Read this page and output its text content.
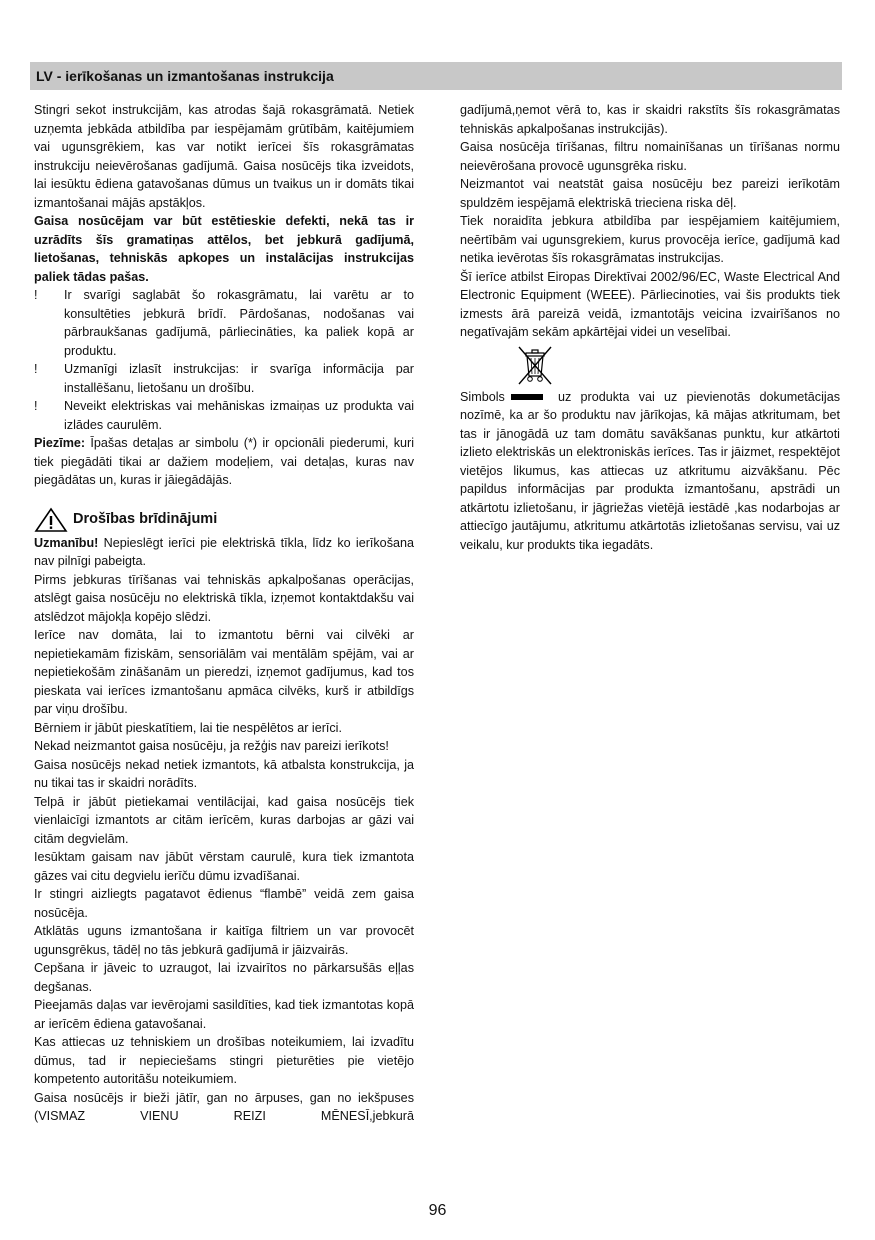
LV - ierīkošanas un izmantošanas instrukcija

Stingri sekot instrukcijām, kas atrodas šajā rokasgrāmatā. Netiek uzņemta jebkāda atbildība par iespējamām grūtībām, kaitējumiem vai ugunsgrēkiem, kas var notikt ierīcei šīs rokasgrāmatas instrukciju neievērošanas gadījumā. Gaisa nosūcējs tika izveidots, lai iesūktu ēdiena gatavošanas dūmus un tvaikus un ir domāts tikai izmantošanai mājās apstākļos.

Gaisa nosūcējam var būt estētieskie defekti, nekā tas ir uzrādīts šīs gramatiņas attēlos, bet jebkurā gadījumā, lietošanas, tehniskās apkopes un instalācijas instrukcijas paliek tādas pašas.

!	Ir svarīgi saglabāt šo rokasgrāmatu, lai varētu ar to konsultēties jebkurā brīdī. Pārdošanas, nodošanas vai pārbraukšanas gadījumā, pārliecināties, ka paliek kopā ar produktu.
!	Uzmanīgi izlasīt instrukcijas: ir svarīga informācija par installēšanu, lietošanu un drošību.
!	Neveikt elektriskas vai mehāniskas izmaiņas uz produkta vai izlādes caurulēm.

Piezīme: Īpašas detaļas ar simbolu (*) ir opcionāli piederumi, kuri tiek piegādāti tikai ar dažiem modeļiem, vai detaļas, kuras nav piegādātas un, kuras ir jāiegādājās.

Drošības brīdinājumi

Uzmanību! Nepieslēgt ierīci pie elektriskā tīkla, līdz ko ierīkošana nav pilnīgi pabeigta.

Pirms jebkuras tīrīšanas vai tehniskās apkalpošanas operācijas, atslēgt gaisa nosūcēju no elektriskā tīkla, izņemot kontaktdakšu vai atslēdzot mājokļa kopējo slēdzi.

Ierīce nav domāta, lai to izmantotu bērni vai cilvēki ar nepietiekamām fiziskām, sensoriālām vai mentālām spējām, vai ar nepietiekošām zināšanām un pieredzi, izņemot gadījumus, kad tos pieskata vai ierīces izmantošanu apmāca cilvēks, kurš ir atbildīgs par viņu drošību.

Bērniem ir jābūt pieskatītiem, lai tie nespēlētos ar ierīci.

Nekad neizmantot gaisa nosūcēju, ja režģis nav pareizi ierīkots!

Gaisa nosūcējs nekad netiek izmantots, kā atbalsta konstrukcija, ja nu tikai tas ir skaidri norādīts.

Telpā ir jābūt pietiekamai ventilācijai, kad gaisa nosūcējs tiek vienlaicīgi izmantots ar citām ierīcēm, kuras darbojas ar gāzi vai citām degvielām.

Iesūktam gaisam nav jābūt vērstam caurulē, kura tiek izmantota gāzes vai citu degvielu ierīču dūmu izvadīšanai.

Ir stingri aizliegts pagatavot ēdienus “flambē” veidā zem gaisa nosūcēja.

Atklātās uguns izmantošana ir kaitīga filtriem un var provocēt ugunsgrēkus, tādēļ no tās jebkurā gadījumā ir jāizvairās.

Cepšana ir jāveic to uzraugot, lai izvairītos no pārkarsušās eļļas degšanas.

Pieejamās daļas var ievērojami sasildīties, kad tiek izmantotas kopā ar ierīcēm ēdiena gatavošanai.

Kas attiecas uz tehniskiem un drošības noteikumiem, lai izvadītu dūmus, tad ir nepieciešams stingri pieturēties pie vietējo kompetento autoritāšu noteikumiem.

Gaisa nosūcējs ir bieži jātīr, gan no ārpuses, gan no iekšpuses (VISMAZ VIENU REIZI MĒNESĪ,jebkurā

gadījumā,ņemot vērā to, kas ir skaidri rakstīts šīs rokasgrāmatas tehniskās apkalpošanas instrukcijās).

Gaisa nosūcēja tīrīšanas, filtru nomainīšanas un tīrīšanas normu neievērošana provocē ugunsgrēka risku.

Neizmantot vai neatstāt gaisa nosūcēju bez pareizi ierīkotām spuldzēm iespējamā elektriskā trieciena riska dēļ.

Tiek noraidīta jebkura atbildība par iespējamiem kaitējumiem, neērtībām vai ugunsgrekiem, kurus provocēja ierīce, gadījumā kad netika ievērotas šīs rokasgrāmatas instrukcijas.

Šī ierīce atbilst Eiropas Direktīvai 2002/96/EC, Waste Electrical And Electronic Equipment (WEEE). Pārliecinoties, vai šis produkts tiek izmests ārā pareizā veidā, izmantotājs veicina izvairīšanos no negatīvajām sekām apkārtējai videi un veselībai.

Simbols	uz produkta vai uz pievienotās dokumetācijas nozīmē, ka ar šo produktu nav jārīkojas, kā mājas atkritumam, bet tas ir jānogādā uz tam domātu savākšanas punktu, kur atkārtoti izlieto elektriskās un elektroniskās ierīces. Tas ir jāizmet, respektējot vietējos likumus, kas attiecas uz atkritumu aizvākšanu. Pēc papildus informācijas par produkta izmantošanu, apstrādi un atkārtotu izlietošanu, ir jāgriežas vietējā iestādē ,kas nodarbojas ar attiecīgo jautājumu, atkritumu atkārtotās izlietošanas servisu, vai uz veikalu, kur produkts tika iegadāts.

96
